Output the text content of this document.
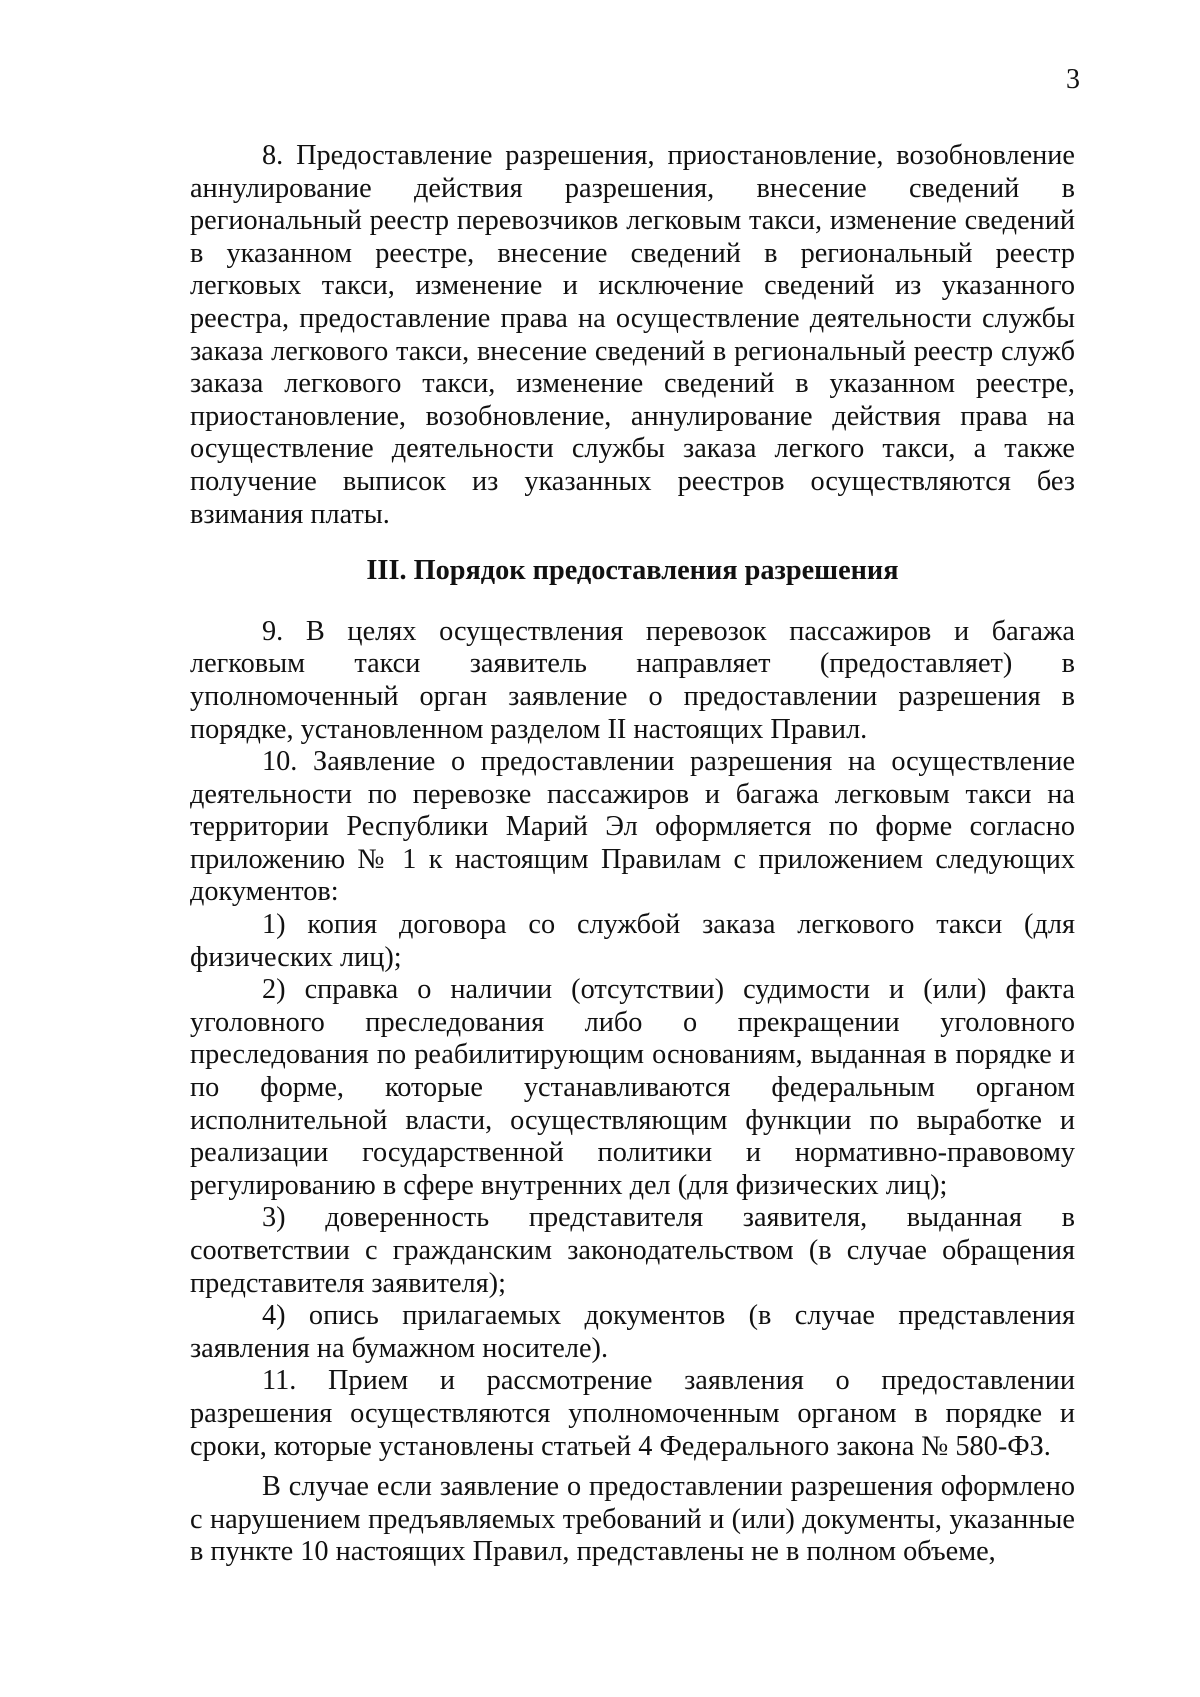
3

8. Предоставление разрешения, приостановление, возобновление аннулирование действия разрешения, внесение сведений в региональный реестр перевозчиков легковым такси, изменение сведений в указанном реестре, внесение сведений в региональный реестр легковых такси, изменение и исключение сведений из указанного реестра, предоставление права на осуществление деятельности службы заказа легкового такси, внесение сведений в региональный реестр служб заказа легкового такси, изменение сведений в указанном реестре, приостановление, возобновление, аннулирование действия права на осуществление деятельности службы заказа легкого такси, а также получение выписок из указанных реестров осуществляются без взимания платы.

III. Порядок предоставления разрешения

9. В целях осуществления перевозок пассажиров и багажа легковым такси заявитель направляет (предоставляет) в уполномоченный орган заявление о предоставлении разрешения в порядке, установленном разделом II настоящих Правил.

10. Заявление о предоставлении разрешения на осуществление деятельности по перевозке пассажиров и багажа легковым такси на территории Республики Марий Эл оформляется по форме согласно приложению № 1 к настоящим Правилам с приложением следующих документов:

1) копия договора со службой заказа легкового такси (для физических лиц);

2) справка о наличии (отсутствии) судимости и (или) факта уголовного преследования либо о прекращении уголовного преследования по реабилитирующим основаниям, выданная в порядке и по форме, которые устанавливаются федеральным органом исполнительной власти, осуществляющим функции по выработке и реализации государственной политики и нормативно-правовому регулированию в сфере внутренних дел (для физических лиц);

3) доверенность представителя заявителя, выданная в соответствии с гражданским законодательством (в случае обращения представителя заявителя);

4) опись прилагаемых документов (в случае представления заявления на бумажном носителе).

11. Прием и рассмотрение заявления о предоставлении разрешения осуществляются уполномоченным органом в порядке и сроки, которые установлены статьей 4 Федерального закона № 580-ФЗ.

В случае если заявление о предоставлении разрешения оформлено с нарушением предъявляемых требований и (или) документы, указанные в пункте 10 настоящих Правил, представлены не в полном объеме,
